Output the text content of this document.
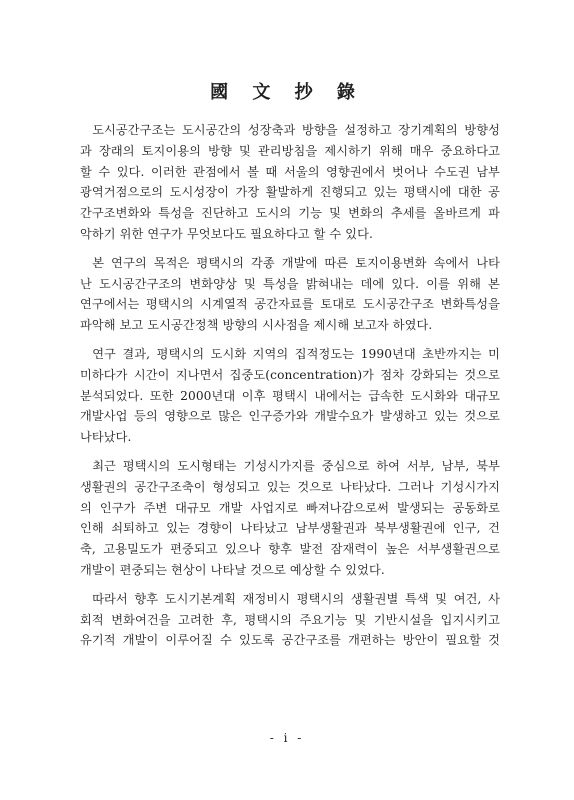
國 文 抄 錄

도시공간구조는 도시공간의 성장축과 방향을 설정하고 장기계획의 방향성
과 장래의 토지이용의 방향 및 관리방침을 제시하기 위해 매우 중요하다고
할 수 있다. 이러한 관점에서 볼 때 서울의 영향권에서 벗어나 수도권 남부
광역거점으로의 도시성장이 가장 활발하게 진행되고 있는 평택시에 대한 공
간구조변화와 특성을 진단하고 도시의 기능 및 변화의 추세를 올바르게 파
악하기 위한 연구가 무엇보다도 필요하다고 할 수 있다.

본 연구의 목적은 평택시의 각종 개발에 따른 토지이용변화 속에서 나타
난 도시공간구조의 변화양상 및 특성을 밝혀내는 데에 있다. 이를 위해 본
연구에서는 평택시의 시계열적 공간자료를 토대로 도시공간구조 변화특성을
파악해 보고 도시공간정책 방향의 시사점을 제시해 보고자 하였다.

연구 결과, 평택시의 도시화 지역의 집적정도는 1990년대 초반까지는 미
미하다가 시간이 지나면서 집중도(concentration)가 점차 강화되는 것으로
분석되었다. 또한 2000년대 이후 평택시 내에서는 급속한 도시화와 대규모
개발사업 등의 영향으로 많은 인구증가와 개발수요가 발생하고 있는 것으로
나타났다.

최근 평택시의 도시형태는 기성시가지를 중심으로 하여 서부, 남부, 북부
생활권의 공간구조축이 형성되고 있는 것으로 나타났다. 그러나 기성시가지
의 인구가 주변 대규모 개발 사업지로 빠져나감으로써 발생되는 공동화로
인해 쇠퇴하고 있는 경향이 나타났고 남부생활권과 북부생활권에 인구, 건
축, 고용밀도가 편중되고 있으나 향후 발전 잠재력이 높은 서부생활권으로
개발이 편중되는 현상이 나타날 것으로 예상할 수 있었다.

따라서 향후 도시기본계획 재정비시 평택시의 생활권별 특색 및 여건, 사
회적 변화여건을 고려한 후, 평택시의 주요기능 및 기반시설을 입지시키고
유기적 개발이 이루어질 수 있도록 공간구조를 개편하는 방안이 필요할 것

- i -
